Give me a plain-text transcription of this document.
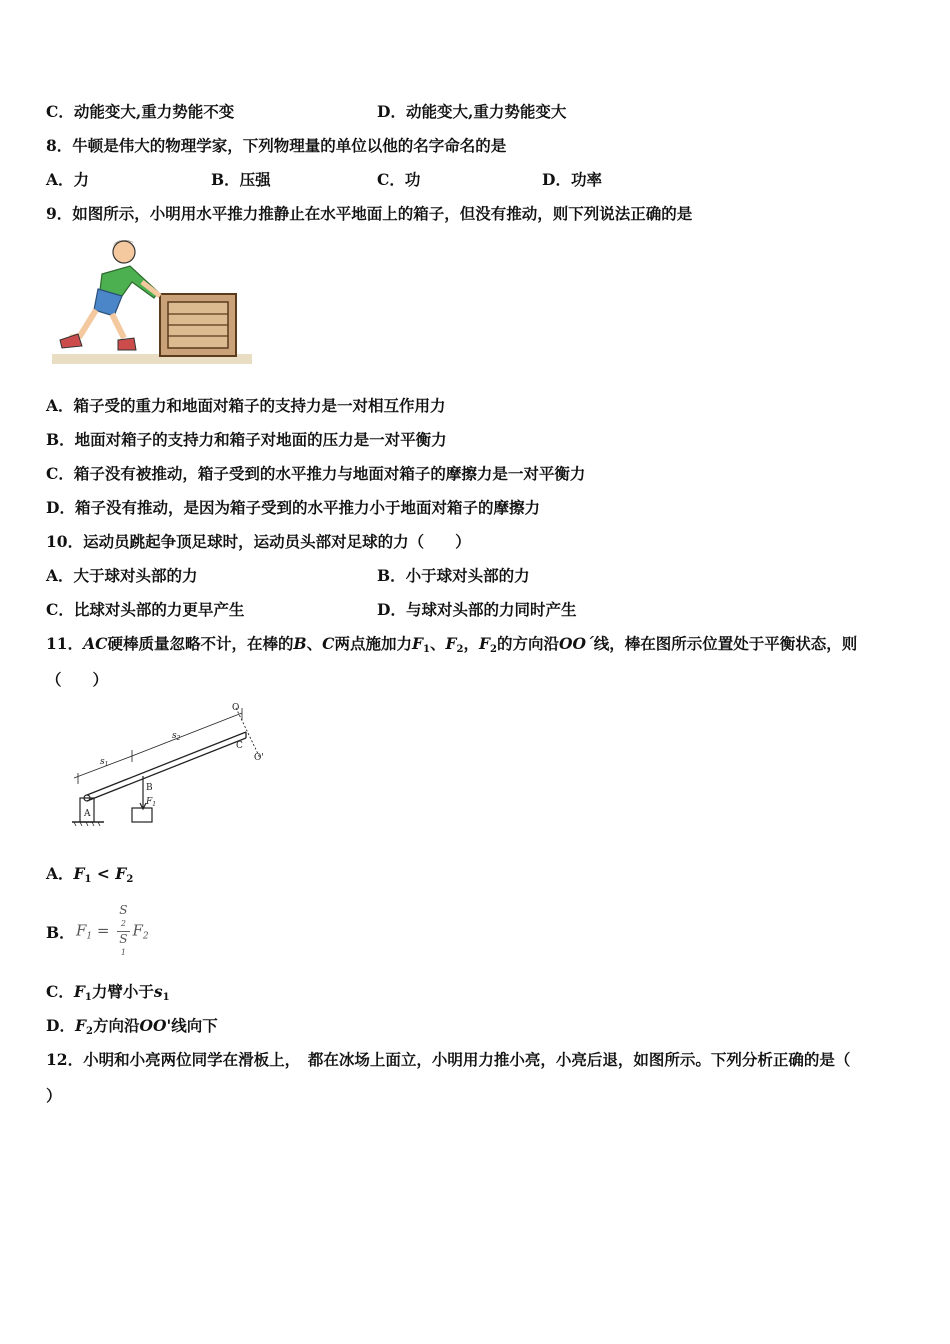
C．动能变大,重力势能不变	D．动能变大,重力势能变大
8．牛顿是伟大的物理学家，下列物理量的单位以他的名字命名的是
A．力	B．压强	C．功	D．功率
9．如图所示，小明用水平推力推静止在水平地面上的箱子，但没有推动，则下列说法正确的是
A．箱子受的重力和地面对箱子的支持力是一对相互作用力
B．地面对箱子的支持力和箱子对地面的压力是一对平衡力
C．箱子没有被推动，箱子受到的水平推力与地面对箱子的摩擦力是一对平衡力
D．箱子没有推动，是因为箱子受到的水平推力小于地面对箱子的摩擦力
10．运动员跳起争顶足球时，运动员头部对足球的力（　　）
A．大于球对头部的力	B．小于球对头部的力
C．比球对头部的力更早产生	D．与球对头部的力同时产生
11．AC硬棒质量忽略不计，在棒的B、C两点施加力$F_1$、$F_2$，$F_2$的方向沿OO´线，棒在图所示位置处于平衡状态，则
（　　）
A
$s_1$
$s_2$
B
$F_1$
O
O'
C
A．$F_1 < F_2$
B． $F_1 = S$
2
S
1 $F_2$
C．$F_1$力臂小于$s_1$
D．$F_2$方向沿OO'线向下
12．小明和小亮两位同学在滑板上，　都在冰场上面立，小明用力推小亮，小亮后退，如图所示。下列分析正确的是（
）
